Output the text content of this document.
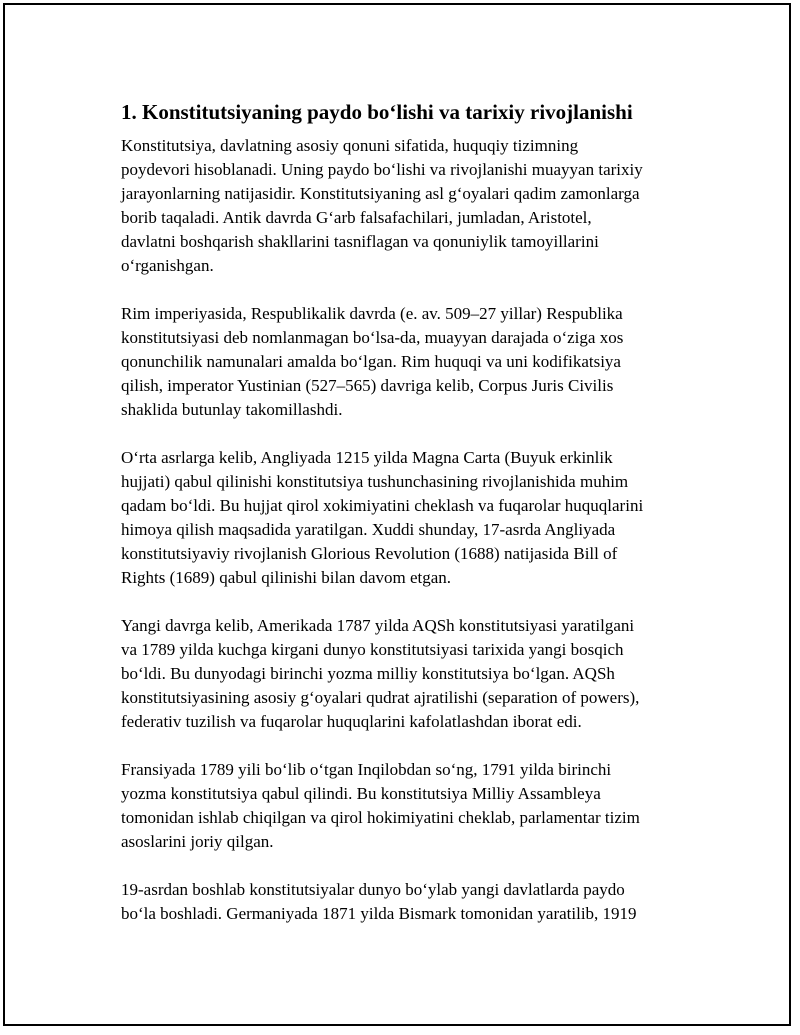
1. Konstitutsiyaning paydo bo‘lishi va tarixiy rivojlanishi

Konstitutsiya, davlatning asosiy qonuni sifatida, huquqiy tizimning
poydevori hisoblanadi. Uning paydo bo‘lishi va rivojlanishi muayyan tarixiy
jarayonlarning natijasidir. Konstitutsiyaning asl g‘oyalari qadim zamonlarga
borib taqaladi. Antik davrda G‘arb falsafachilari, jumladan, Aristotel,
davlatni boshqarish shakllarini tasniflagan va qonuniylik tamoyillarini
o‘rganishgan.

Rim imperiyasida, Respublikalik davrda (e. av. 509–27 yillar) Respublika
konstitutsiyasi deb nomlanmagan bo‘lsa-da, muayyan darajada o‘ziga xos
qonunchilik namunalari amalda bo‘lgan. Rim huquqi va uni kodifikatsiya
qilish, imperator Yustinian (527–565) davriga kelib, Corpus Juris Civilis
shaklida butunlay takomillashdi.

O‘rta asrlarga kelib, Angliyada 1215 yilda Magna Carta (Buyuk erkinlik
hujjati) qabul qilinishi konstitutsiya tushunchasining rivojlanishida muhim
qadam bo‘ldi. Bu hujjat qirol xokimiyatini cheklash va fuqarolar huquqlarini
himoya qilish maqsadida yaratilgan. Xuddi shunday, 17-asrda Angliyada
konstitutsiyaviy rivojlanish Glorious Revolution (1688) natijasida Bill of
Rights (1689) qabul qilinishi bilan davom etgan.

Yangi davrga kelib, Amerikada 1787 yilda AQSh konstitutsiyasi yaratilgani
va 1789 yilda kuchga kirgani dunyo konstitutsiyasi tarixida yangi bosqich
bo‘ldi. Bu dunyodagi birinchi yozma milliy konstitutsiya bo‘lgan. AQSh
konstitutsiyasining asosiy g‘oyalari qudrat ajratilishi (separation of powers),
federativ tuzilish va fuqarolar huquqlarini kafolatlashdan iborat edi.

Fransiyada 1789 yili bo‘lib o‘tgan Inqilobdan so‘ng, 1791 yilda birinchi
yozma konstitutsiya qabul qilindi. Bu konstitutsiya Milliy Assambleya
tomonidan ishlab chiqilgan va qirol hokimiyatini cheklab, parlamentar tizim
asoslarini joriy qilgan.

19-asrdan boshlab konstitutsiyalar dunyo bo‘ylab yangi davlatlarda paydo
bo‘la boshladi. Germaniyada 1871 yilda Bismark tomonidan yaratilib, 1919
